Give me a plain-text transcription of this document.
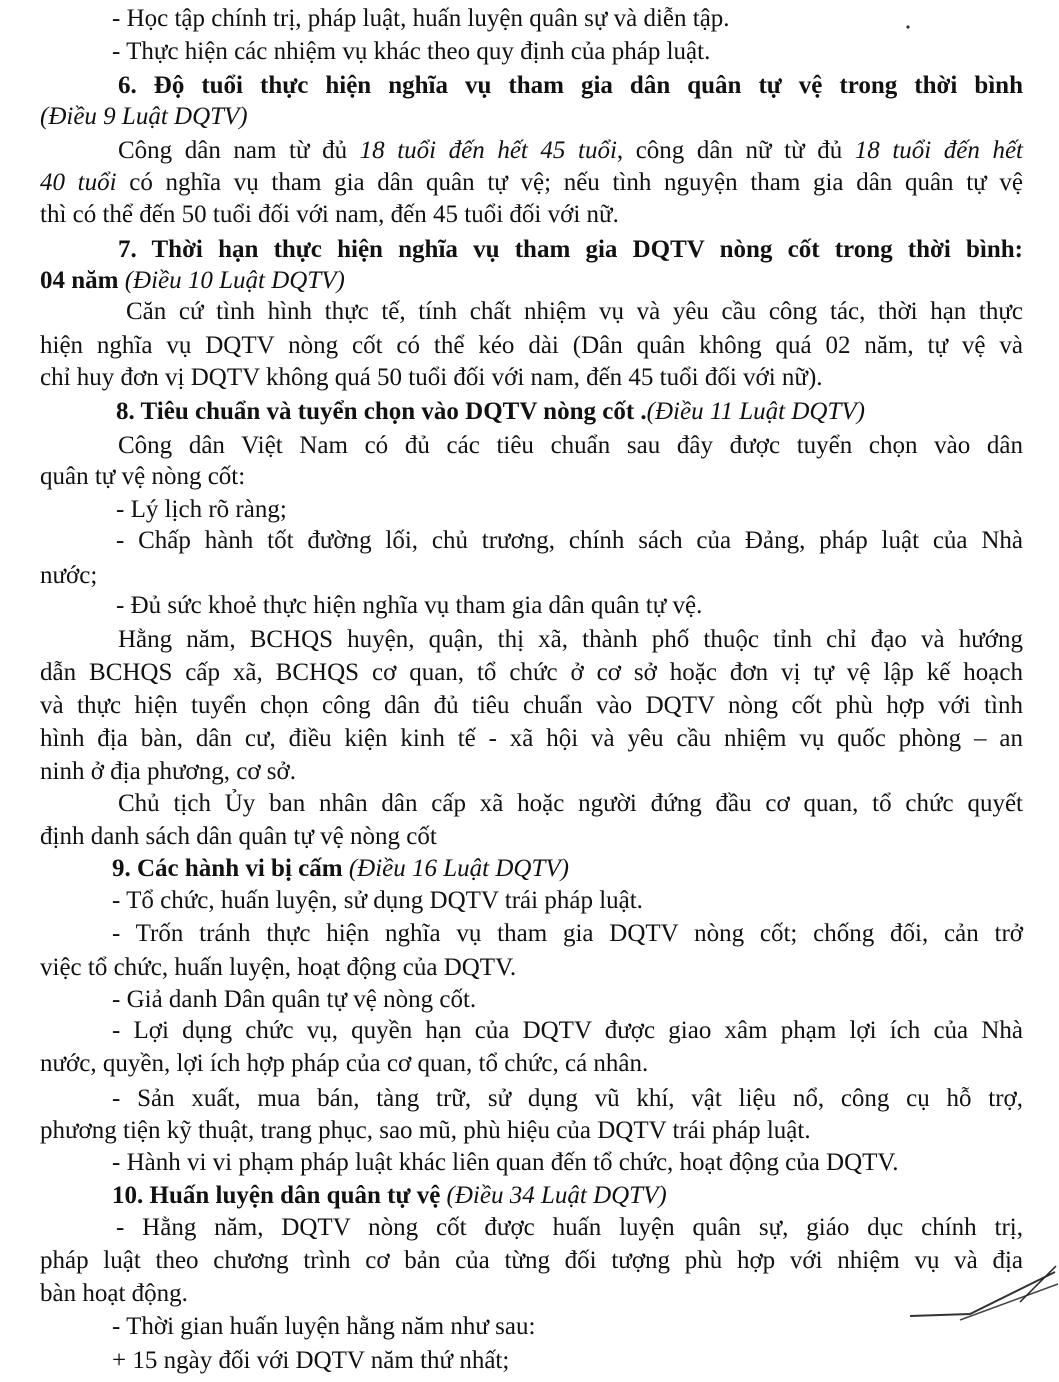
- Học tập chính trị, pháp luật, huấn luyện quân sự và diễn tập.

- Thực hiện các nhiệm vụ khác theo quy định của pháp luật.

6. Độ tuổi thực hiện nghĩa vụ tham gia dân quân tự vệ trong thời bình

(Điều 9 Luật DQTV)

Công dân nam từ đủ 18 tuổi đến hết 45 tuổi, công dân nữ từ đủ 18 tuổi đến hết

40 tuổi có nghĩa vụ tham gia dân quân tự vệ; nếu tình nguyện tham gia dân quân tự vệ

thì có thể đến 50 tuổi đối với nam, đến 45 tuổi đối với nữ.

7. Thời hạn thực hiện nghĩa vụ tham gia DQTV nòng cốt trong thời bình:

04 năm (Điều 10 Luật DQTV)

Căn cứ tình hình thực tế, tính chất nhiệm vụ và yêu cầu công tác, thời hạn thực

hiện nghĩa vụ DQTV nòng cốt có thể kéo dài (Dân quân không quá 02 năm, tự vệ và

chỉ huy đơn vị DQTV không quá 50 tuổi đối với nam, đến 45 tuổi đối với nữ).

8. Tiêu chuẩn và tuyển chọn vào DQTV nòng cốt .(Điều 11 Luật DQTV)

Công dân Việt Nam có đủ các tiêu chuẩn sau đây được tuyển chọn vào dân

quân tự vệ nòng cốt:

- Lý lịch rõ ràng;

- Chấp hành tốt đường lối, chủ trương, chính sách của Đảng, pháp luật của Nhà

nước;

- Đủ sức khoẻ thực hiện nghĩa vụ tham gia dân quân tự vệ.

Hằng năm, BCHQS huyện, quận, thị xã, thành phố thuộc tỉnh chỉ đạo và hướng

dẫn BCHQS cấp xã, BCHQS cơ quan, tổ chức ở cơ sở hoặc đơn vị tự vệ lập kế hoạch

và thực hiện tuyển chọn công dân đủ tiêu chuẩn vào DQTV nòng cốt phù hợp với tình

hình địa bàn, dân cư, điều kiện kinh tế - xã hội và yêu cầu nhiệm vụ quốc phòng – an

ninh ở địa phương, cơ sở.

Chủ tịch Ủy ban nhân dân cấp xã hoặc người đứng đầu cơ quan, tổ chức quyết

định danh sách dân quân tự vệ nòng cốt

9. Các hành vi bị cấm (Điều 16 Luật DQTV)

- Tổ chức, huấn luyện, sử dụng DQTV trái pháp luật.

- Trốn tránh thực hiện nghĩa vụ tham gia DQTV nòng cốt; chống đối, cản trở

việc tổ chức, huấn luyện, hoạt động của DQTV.

- Giả danh Dân quân tự vệ nòng cốt.

- Lợi dụng chức vụ, quyền hạn của DQTV được giao xâm phạm lợi ích của Nhà

nước, quyền, lợi ích hợp pháp của cơ quan, tổ chức, cá nhân.

- Sản xuất, mua bán, tàng trữ, sử dụng vũ khí, vật liệu nổ, công cụ hỗ trợ,

phương tiện kỹ thuật, trang phục, sao mũ, phù hiệu của DQTV trái pháp luật.

- Hành vi vi phạm pháp luật khác liên quan đến tổ chức, hoạt động của DQTV.

10. Huấn luyện dân quân tự vệ (Điều 34 Luật DQTV)

- Hằng năm, DQTV nòng cốt được huấn luyện quân sự, giáo dục chính trị,

pháp luật theo chương trình cơ bản của từng đối tượng phù hợp với nhiệm vụ và địa

bàn hoạt động.

- Thời gian huấn luyện hằng năm như sau:

+ 15 ngày đối với DQTV năm thứ nhất;
